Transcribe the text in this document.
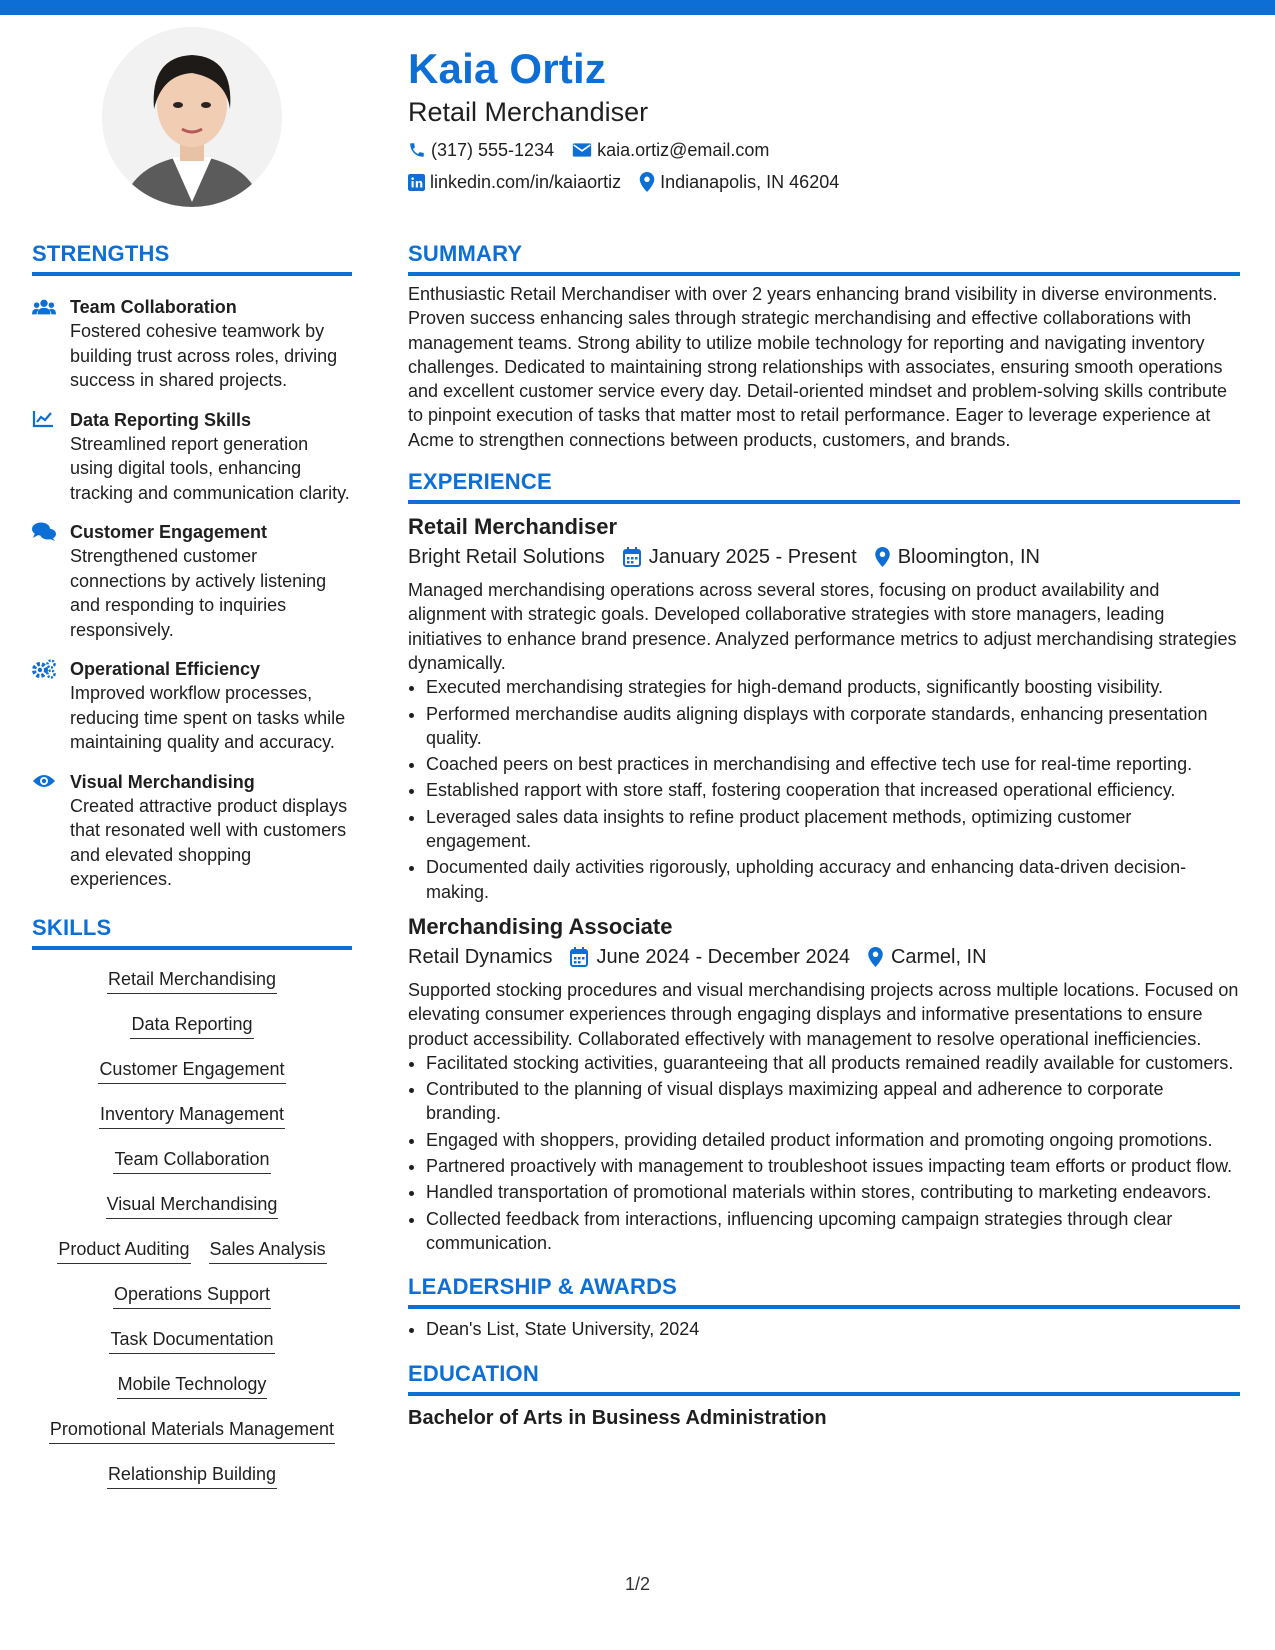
Kaia Ortiz
Retail Merchandiser
(317) 555-1234 kaia.ortiz@email.com
linkedin.com/in/kaiaortiz Indianapolis, IN 46204
STRENGTHS
Team Collaboration
Fostered cohesive teamwork by building trust across roles, driving success in shared projects.
Data Reporting Skills
Streamlined report generation using digital tools, enhancing tracking and communication clarity.
Customer Engagement
Strengthened customer connections by actively listening and responding to inquiries responsively.
Operational Efficiency
Improved workflow processes, reducing time spent on tasks while maintaining quality and accuracy.
Visual Merchandising
Created attractive product displays that resonated well with customers and elevated shopping experiences.
SKILLS
Retail Merchandising
Data Reporting
Customer Engagement
Inventory Management
Team Collaboration
Visual Merchandising
Product Auditing Sales Analysis
Operations Support
Task Documentation
Mobile Technology
Promotional Materials Management
Relationship Building
SUMMARY
Enthusiastic Retail Merchandiser with over 2 years enhancing brand visibility in diverse environments. Proven success enhancing sales through strategic merchandising and effective collaborations with management teams. Strong ability to utilize mobile technology for reporting and navigating inventory challenges. Dedicated to maintaining strong relationships with associates, ensuring smooth operations and excellent customer service every day. Detail-oriented mindset and problem-solving skills contribute to pinpoint execution of tasks that matter most to retail performance. Eager to leverage experience at Acme to strengthen connections between products, customers, and brands.
EXPERIENCE
Retail Merchandiser
Bright Retail Solutions January 2025 - Present Bloomington, IN
Managed merchandising operations across several stores, focusing on product availability and alignment with strategic goals. Developed collaborative strategies with store managers, leading initiatives to enhance brand presence. Analyzed performance metrics to adjust merchandising strategies dynamically.
• Executed merchandising strategies for high-demand products, significantly boosting visibility.
• Performed merchandise audits aligning displays with corporate standards, enhancing presentation quality.
• Coached peers on best practices in merchandising and effective tech use for real-time reporting.
• Established rapport with store staff, fostering cooperation that increased operational efficiency.
• Leveraged sales data insights to refine product placement methods, optimizing customer engagement.
• Documented daily activities rigorously, upholding accuracy and enhancing data-driven decision-making.
Merchandising Associate
Retail Dynamics June 2024 - December 2024 Carmel, IN
Supported stocking procedures and visual merchandising projects across multiple locations. Focused on elevating consumer experiences through engaging displays and informative presentations to ensure product accessibility. Collaborated effectively with management to resolve operational inefficiencies.
• Facilitated stocking activities, guaranteeing that all products remained readily available for customers.
• Contributed to the planning of visual displays maximizing appeal and adherence to corporate branding.
• Engaged with shoppers, providing detailed product information and promoting ongoing promotions.
• Partnered proactively with management to troubleshoot issues impacting team efforts or product flow.
• Handled transportation of promotional materials within stores, contributing to marketing endeavors.
• Collected feedback from interactions, influencing upcoming campaign strategies through clear communication.
LEADERSHIP & AWARDS
• Dean's List, State University, 2024
EDUCATION
Bachelor of Arts in Business Administration
1/2
